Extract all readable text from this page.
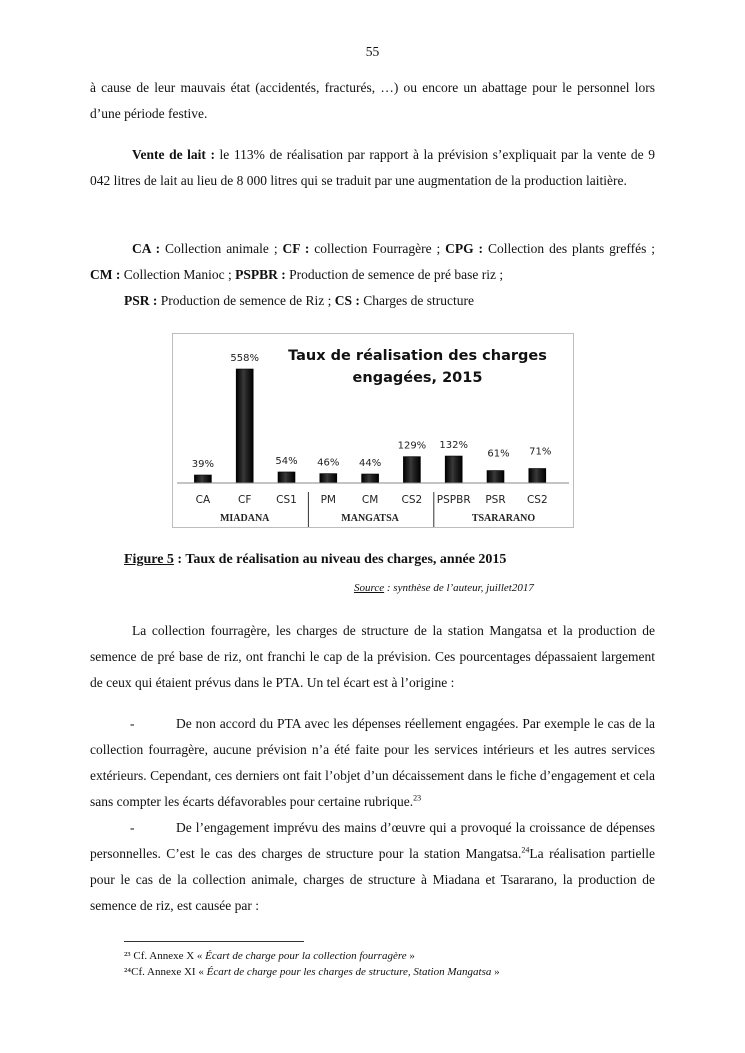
55

à cause de leur mauvais état (accidentés, fracturés, …) ou encore un abattage pour le personnel lors d’une période festive.

Vente de lait : le 113% de réalisation par rapport à la prévision s’expliquait par la vente de 9 042 litres de lait au lieu de 8 000 litres qui se traduit par une augmentation de la production laitière.

CA : Collection animale ; CF : collection Fourragère ; CPG : Collection des plants greffés ; CM : Collection Manioc ; PSPBR : Production de semence de pré base riz ;

PSR : Production de semence de Riz ; CS : Charges de structure
39%
CA
558%
CF
54%
CS1
46%
PM
44%
CM
129%
CS2
132%
PSPBR
61%
PSR
71%
CS2
MIADANA	MANGATSA	TSARARANO
Taux de réalisation des charges engagées, 2015
Figure 5 : Taux de réalisation au niveau des charges, année 2015
Source : synthèse de l’auteur, juillet2017

La collection fourragère, les charges de structure de la station Mangatsa et la production de semence de pré base de riz, ont franchi le cap de la prévision. Ces pourcentages dépassaient largement de ceux qui étaient prévus dans le PTA. Un tel écart est à l’origine :

De non accord du PTA avec les dépenses réellement engagées. Par exemple le cas de la collection fourragère, aucune prévision n’a été faite pour les services intérieurs et les autres services extérieurs. Cependant, ces derniers ont fait l’objet d’un décaissement dans le fiche d’engagement et cela sans compter les écarts défavorables pour certaine rubrique.$^{23}$
-
De l’engagement imprévu des mains d’œuvre qui a provoqué la croissance de dépenses personnelles. C’est le cas des charges de structure pour la station Mangatsa.$^{24}$La réalisation partielle pour le cas de la collection animale, charges de structure à Miadana et Tsararano, la production de semence de riz, est causée par :
-
²³ Cf. Annexe X « Écart de charge pour la collection fourragère »
²⁴Cf. Annexe XI « Écart de charge pour les charges de structure, Station Mangatsa »
